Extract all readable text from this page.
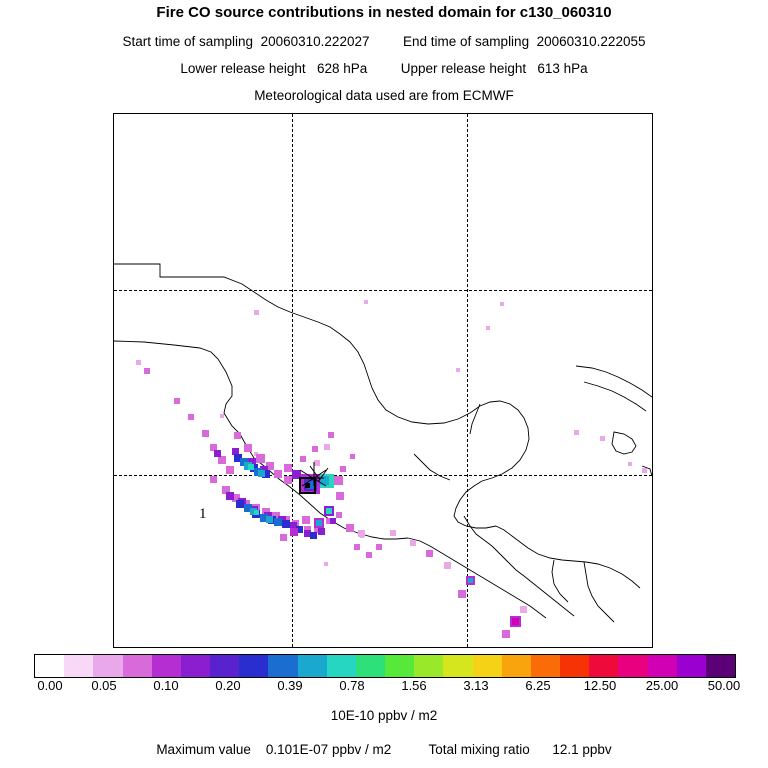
Fire CO source contributions in nested domain for c130_060310
Start time of sampling 20060310.222027 End time of sampling 20060310.222055
Lower release height 628 hPa Upper release height 613 hPa
Meteorological data used are from ECMWF
1
0.00 0.05	0.10	0.20	0.39	0.78	1.56	3.13	6.25	12.50 25.00 50.00
10E-10 ppbv / m2
Maximum value 0.101E-07 ppbv / m2	Total mixing ratio 12.1 ppbv
